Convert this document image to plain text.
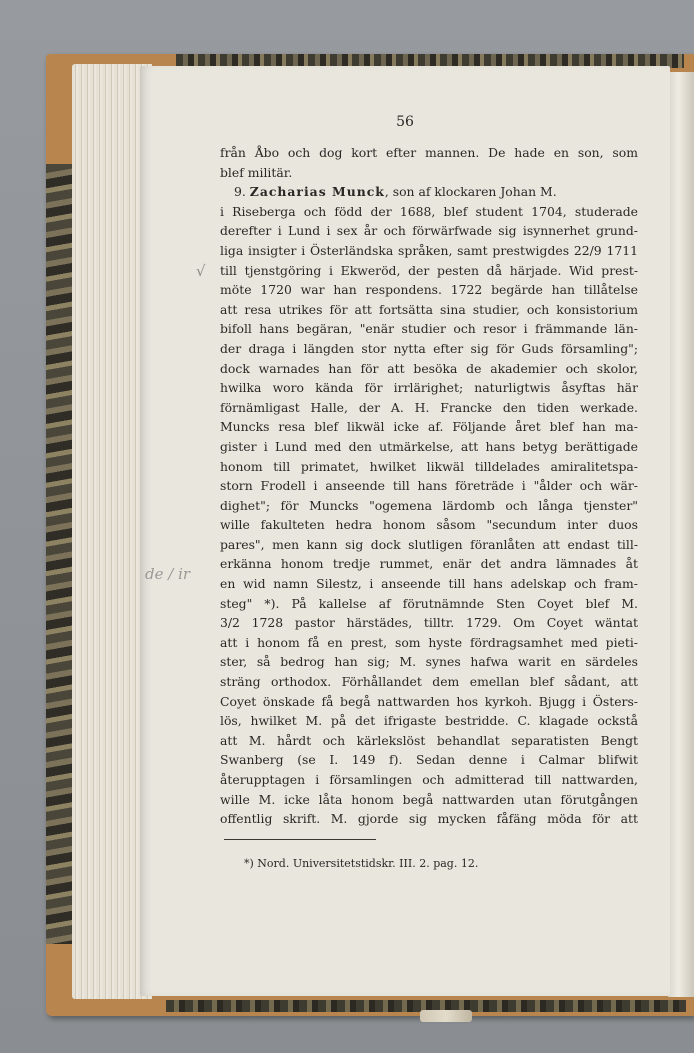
56
från Åbo och dog kort efter mannen. De hade en son, som
blef militär.
9. Zacharias Munck, son af klockaren Johan M.
i Riseberga och född der 1688, blef student 1704, studerade
derefter i Lund i sex år och förwärfwade sig isynnerhet grund-
liga insigter i Österländska språken, samt prestwigdes 22/9 1711
till tjenstgöring i Ekweröd, der pesten då härjade. Wid prest-
möte 1720 war han respondens. 1722 begärde han tillåtelse
att resa utrikes för att fortsätta sina studier, och konsistorium
bifoll hans begäran, "enär studier och resor i främmande län-
der draga i längden stor nytta efter sig för Guds församling";
dock warnades han för att besöka de akademier och skolor,
hwilka woro kända för irrlärighet; naturligtwis åsyftas här
förnämligast Halle, der A. H. Francke den tiden werkade.
Muncks resa blef likwäl icke af. Följande året blef han ma-
gister i Lund med den utmärkelse, att hans betyg berättigade
honom till primatet, hwilket likwäl tilldelades amiralitetspa-
storn Frodell i anseende till hans företräde i "ålder och wär-
dighet"; för Muncks "ogemena lärdomb och långa tjenster"
wille fakulteten hedra honom såsom "secundum inter duos
pares", men kann sig dock slutligen föranlåten att endast till-
erkänna honom tredje rummet, enär det andra lämnades åt
en wid namn Silestz, i anseende till hans adelskap och fram-
steg" *). På kallelse af förutnämnde Sten Coyet blef M.
3/2 1728 pastor härstädes, tilltr. 1729. Om Coyet wäntat
att i honom få en prest, som hyste fördragsamhet med pieti-
ster, så bedrog han sig; M. synes hafwa warit en särdeles
sträng orthodox. Förhållandet dem emellan blef sådant, att
Coyet önskade få begå nattwarden hos kyrkoh. Bjugg i Östers-
lös, hwilket M. på det ifrigaste bestridde. C. klagade ockstå
att M. hårdt och kärlekslöst behandlat separatisten Bengt
Swanberg (se I. 149 f). Sedan denne i Calmar blifwit
återupptagen i församlingen och admitterad till nattwarden,
wille M. icke låta honom begå nattwarden utan förutgången
offentlig skrift. M. gjorde sig mycken fåfäng möda för att
*) Nord. Universitetstidskr. III. 2. pag. 12.
√
de / ir
